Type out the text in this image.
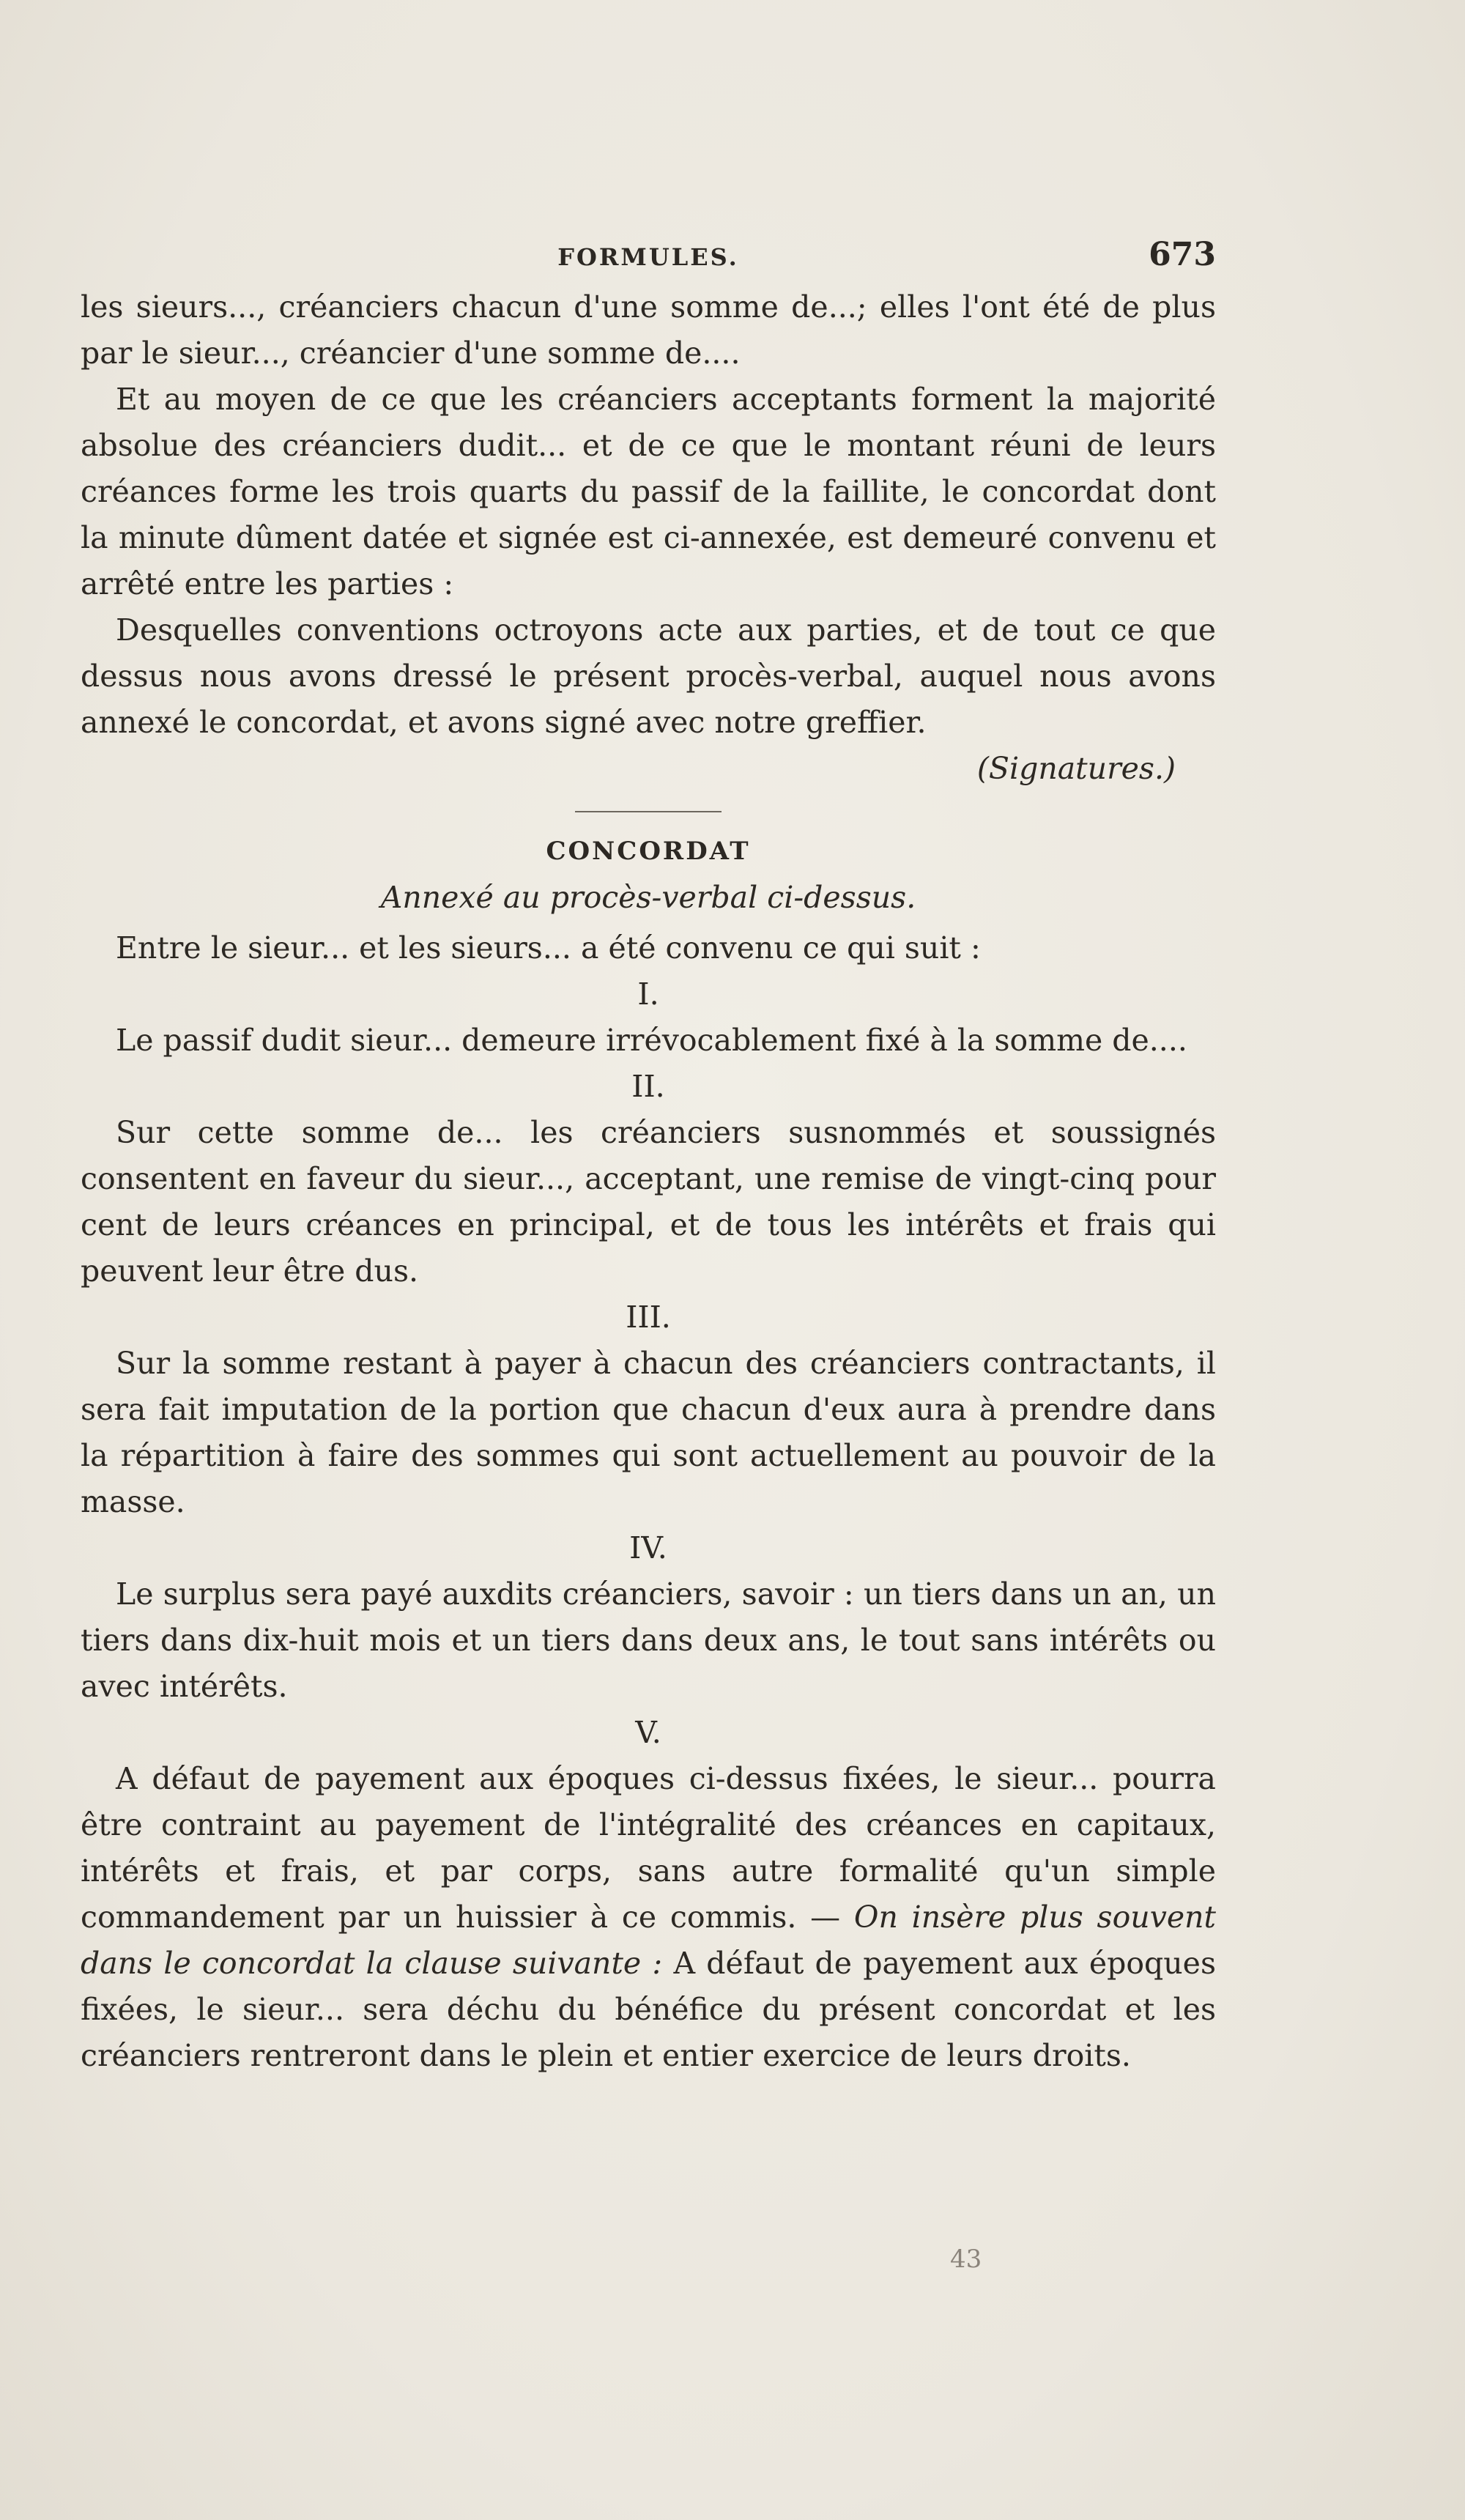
FORMULES.	673

les sieurs..., créanciers chacun d'une somme de...; elles l'ont été de plus par le sieur..., créancier d'une somme de....

Et au moyen de ce que les créanciers acceptants forment la majorité absolue des créanciers dudit... et de ce que le montant réuni de leurs créances forme les trois quarts du passif de la faillite, le concordat dont la minute dûment datée et signée est ci-annexée, est demeuré convenu et arrêté entre les parties :

Desquelles conventions octroyons acte aux parties, et de tout ce que dessus nous avons dressé le présent procès-verbal, auquel nous avons annexé le concordat, et avons signé avec notre greffier.

(Signatures.)
CONCORDAT
Annexé au procès-verbal ci-dessus.

Entre le sieur... et les sieurs... a été convenu ce qui suit :

I.

Le passif dudit sieur... demeure irrévocablement fixé à la somme de....

II.

Sur cette somme de... les créanciers susnommés et soussignés consentent en faveur du sieur..., acceptant, une remise de vingt-cinq pour cent de leurs créances en principal, et de tous les intérêts et frais qui peuvent leur être dus.

III.

Sur la somme restant à payer à chacun des créanciers contractants, il sera fait imputation de la portion que chacun d'eux aura à prendre dans la répartition à faire des sommes qui sont actuellement au pouvoir de la masse.

IV.

Le surplus sera payé auxdits créanciers, savoir : un tiers dans un an, un tiers dans dix-huit mois et un tiers dans deux ans, le tout sans intérêts ou avec intérêts.

V.

A défaut de payement aux époques ci-dessus fixées, le sieur... pourra être contraint au payement de l'intégralité des créances en capitaux, intérêts et frais, et par corps, sans autre formalité qu'un simple commandement par un huissier à ce commis. — On insère plus souvent dans le concordat la clause suivante : A défaut de payement aux époques fixées, le sieur... sera déchu du bénéfice du présent concordat et les créanciers rentreront dans le plein et entier exercice de leurs droits.

43
